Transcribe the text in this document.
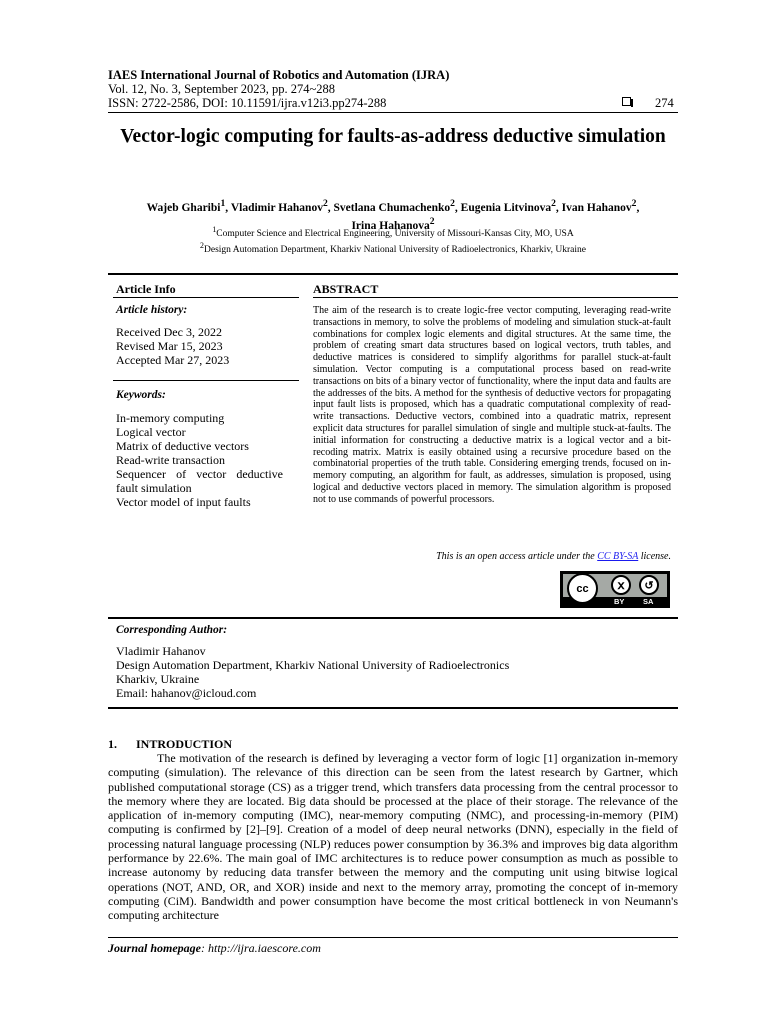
IAES International Journal of Robotics and Automation (IJRA)
Vol. 12, No. 3, September 2023, pp. 274~288
ISSN: 2722-2586, DOI: 10.11591/ijra.v12i3.pp274-288	274
Vector-logic computing for faults-as-address deductive simulation
Wajeb Gharibi$^1$, Vladimir Hahanov$^2$, Svetlana Chumachenko$^2$, Eugenia Litvinova$^2$, Ivan Hahanov$^2$,
Irina Hahanova$^2$
$^1$Computer Science and Electrical Engineering, University of Missouri-Kansas City, MO, USA
$^2$Design Automation Department, Kharkiv National University of Radioelectronics, Kharkiv, Ukraine
Article Info	ABSTRACT
Article history:
Received Dec 3, 2022
Revised Mar 15, 2023
Accepted Mar 27, 2023
Keywords:
In-memory computing
Logical vector
Matrix of deductive vectors
Read-write transaction
Sequencer of vector deductive fault simulation
Vector model of input faults
The aim of the research is to create logic-free vector computing, leveraging read-write transactions in memory, to solve the problems of modeling and simulation stuck-at-fault combinations for complex logic elements and digital structures. At the same time, the problem of creating smart data structures based on logical vectors, truth tables, and deductive matrices is considered to simplify algorithms for parallel stuck-at-fault simulation. Vector computing is a computational process based on read-write transactions on bits of a binary vector of functionality, where the input data and faults are the addresses of the bits. A method for the synthesis of deductive vectors for propagating input fault lists is proposed, which has a quadratic computational complexity of read-write transactions. Deductive vectors, combined into a quadratic matrix, represent explicit data structures for parallel simulation of single and multiple stuck-at-faults. The initial information for constructing a deductive matrix is a logical vector and a bit-recoding matrix. Matrix is easily obtained using a recursive procedure based on the combinatorial properties of the truth table. Considering emerging trends, focused on in-memory computing, an algorithm for fault, as addresses, simulation is proposed, using logical and deductive vectors placed in memory. The simulation algorithm is proposed not to use commands of powerful processors.
This is an open access article under the CC BY-SA license.
cc	ⅹ	↺
BY SA
Corresponding Author:
Vladimir Hahanov
Design Automation Department, Kharkiv National University of Radioelectronics
Kharkiv, Ukraine
Email: hahanov@icloud.com
1. INTRODUCTION
The motivation of the research is defined by leveraging a vector form of logic [1] organization in-memory computing (simulation). The relevance of this direction can be seen from the latest research by Gartner, which published computational storage (CS) as a trigger trend, which transfers data processing from the central processor to the memory where they are located. Big data should be processed at the place of their storage. The relevance of the application of in-memory computing (IMC), near-memory computing (NMC), and processing-in-memory (PIM) computing is confirmed by [2]–[9]. Creation of a model of deep neural networks (DNN), especially in the field of processing natural language processing (NLP) reduces power consumption by 36.3% and improves big data algorithm performance by 22.6%. The main goal of IMC architectures is to reduce power consumption as much as possible to increase autonomy by reducing data transfer between the memory and the computing unit using bitwise logical operations (NOT, AND, OR, and XOR) inside and next to the memory array, promoting the concept of in-memory computing (CiM). Bandwidth and power consumption have become the most critical bottleneck in von Neumann's computing architecture
Journal homepage: http://ijra.iaescore.com
